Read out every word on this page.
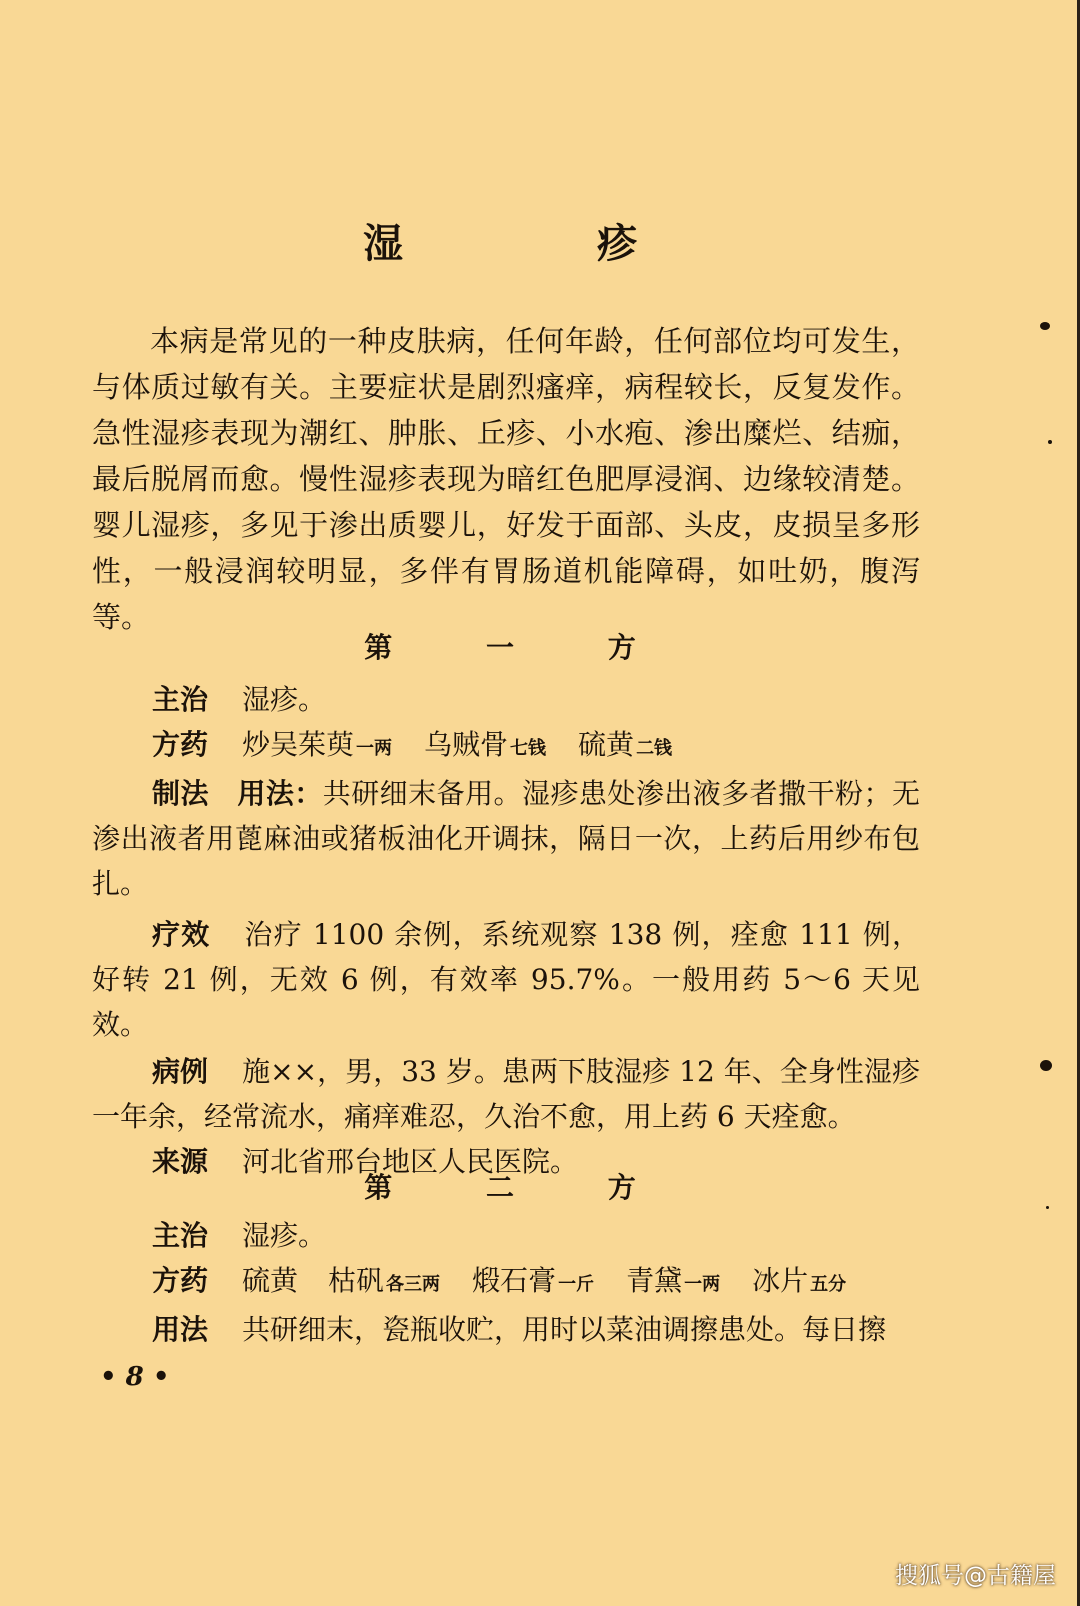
湿 疹

本病是常见的一种皮肤病，任何年龄，任何部位均可发生，与体质过敏有关。主要症状是剧烈瘙痒，病程较长，反复发作。急性湿疹表现为潮红、肿胀、丘疹、小水疱、渗出糜烂、结痂，最后脱屑而愈。慢性湿疹表现为暗红色肥厚浸润、边缘较清楚。婴儿湿疹，多见于渗出质婴儿，好发于面部、头皮，皮损呈多形性，一般浸润较明显，多伴有胃肠道机能障碍，如吐奶，腹泻等。

第 一 方

主治 湿疹。

方药 炒吴茱萸 一两 乌贼骨 七钱 硫黄 二钱

制法　用法：共研细末备用。湿疹患处渗出液多者撒干粉；无渗出液者用蓖麻油或猪板油化开调抹，隔日一次，上药后用纱布包扎。

疗效 治疗 1100 余例，系统观察 138 例，痊愈 111 例，好转 21 例，无效 6 例，有效率 95.7%。一般用药 5～6 天见效。

病例 施××，男，33 岁。患两下肢湿疹 12 年、全身性湿疹一年余，经常流水，痛痒难忍，久治不愈，用上药 6 天痊愈。

来源 河北省邢台地区人民医院。

第 二 方

主治 湿疹。

方药 硫黄 枯矾 各三两 煅石膏 一斤 青黛 一两 冰片 五分

用法 共研细末，瓷瓶收贮，用时以菜油调擦患处。每日擦

• 8 •
搜狐号@古籍屋
